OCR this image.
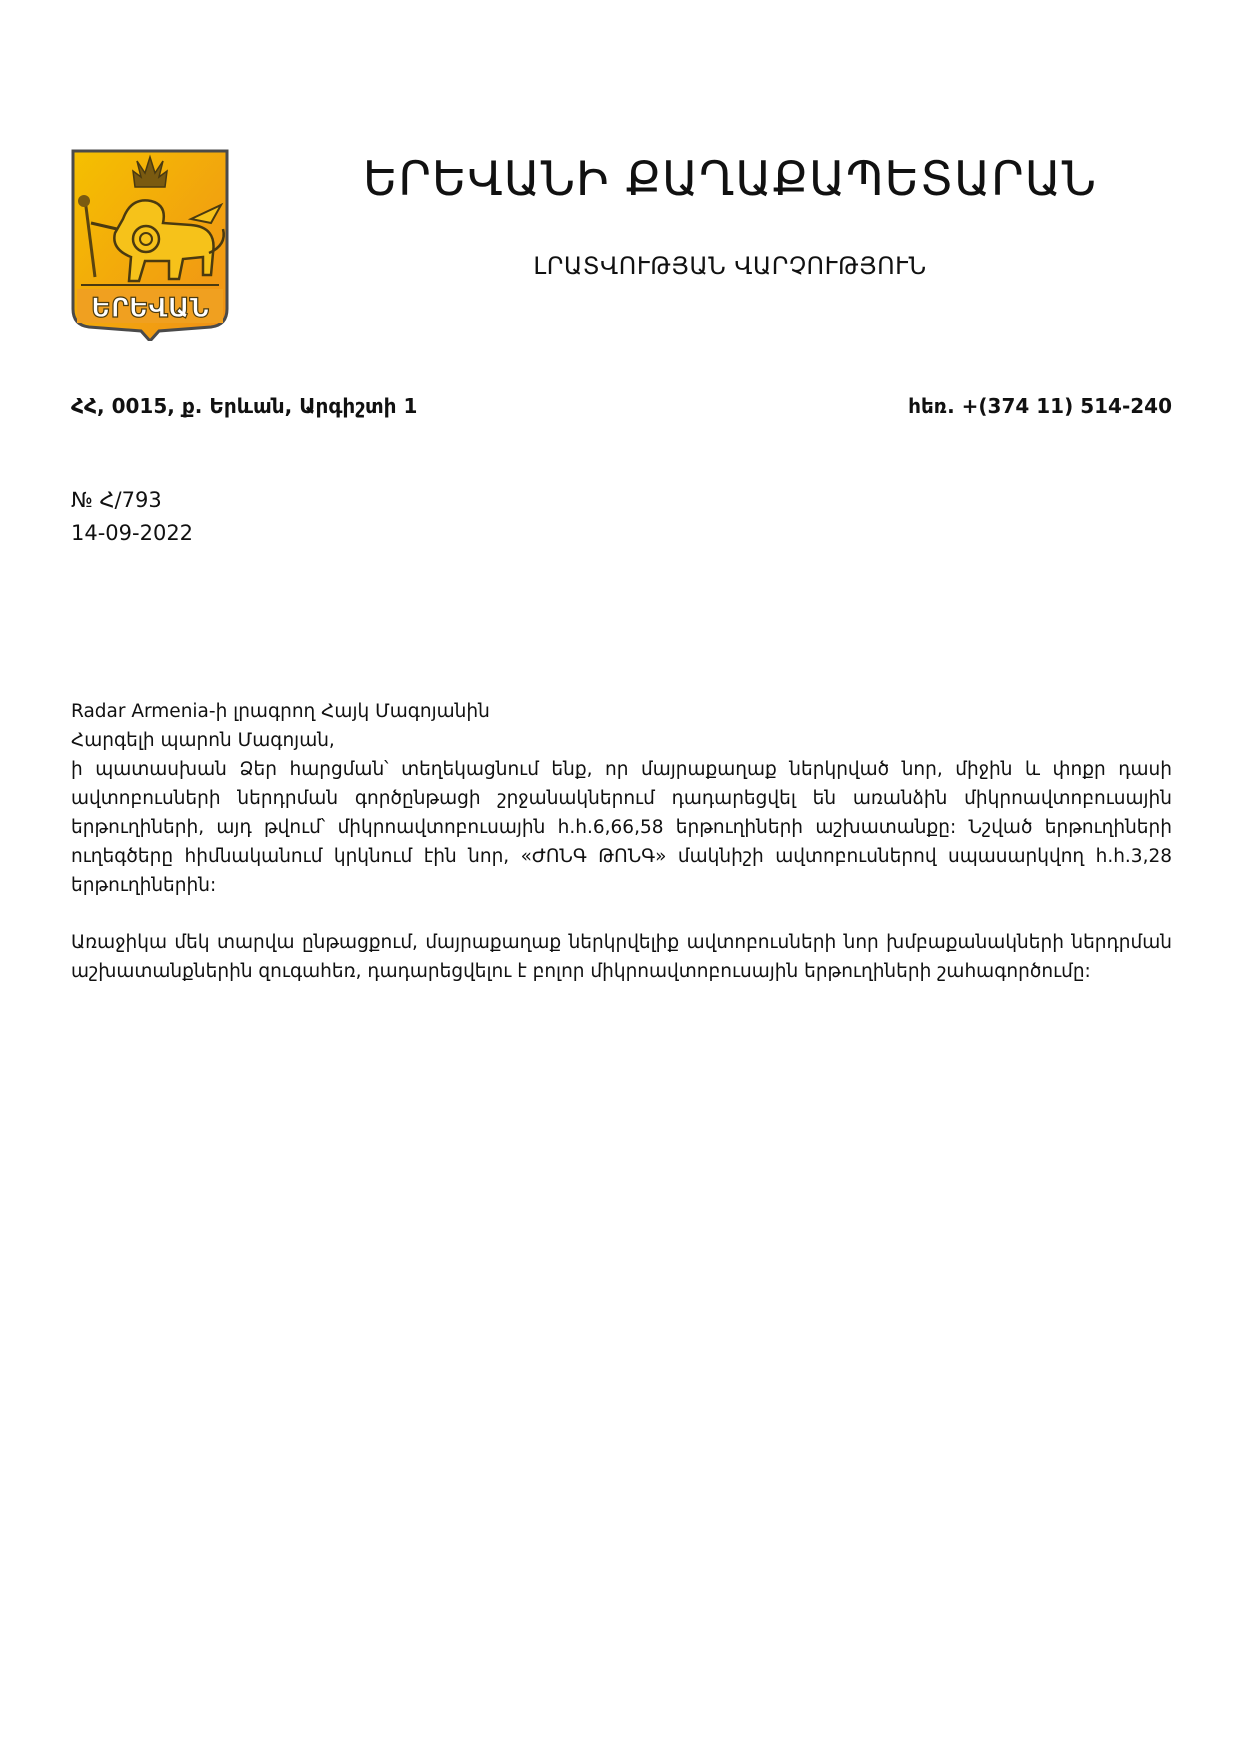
ԵՐԵՎԱՆ
ԵՐԵՎԱՆԻ ՔԱՂԱՔԱՊԵՏԱՐԱՆ
ԼՐԱՏՎՈՒԹՅԱՆ ՎԱՐՉՈՒԹՅՈՒՆ
ՀՀ, 0015, ք. Երևան, Արգիշտի 1	հեռ. +(374 11) 514-240
№ Հ/793
14-09-2022

Radar Armenia-ի լրագրող Հայկ Մագոյանին

Հարգելի պարոն Մագոյան,

ի պատասխան Ձեր հարցման՝ տեղեկացնում ենք, որ մայրաքաղաք ներկրված նոր, միջին և փոքր դասի ավտոբուսների ներդրման գործընթացի շրջանակներում դադարեցվել են առանձին միկրոավտոբուսային երթուղիների, այդ թվում՝ միկրոավտոբուսային հ.հ.6,66,58 երթուղիների աշխատանքը: Նշված երթուղիների ուղեգծերը հիմնականում կրկնում էին նոր, «ԺՈՆԳ ԹՈՆԳ» մակնիշի ավտոբուսներով սպասարկվող հ.հ.3,28 երթուղիներին:

Առաջիկա մեկ տարվա ընթացքում, մայրաքաղաք ներկրվելիք ավտոբուսների նոր խմբաքանակների ներդրման աշխատանքներին զուգահեռ, դադարեցվելու է բոլոր միկրոավտոբուսային երթուղիների շահագործումը:
